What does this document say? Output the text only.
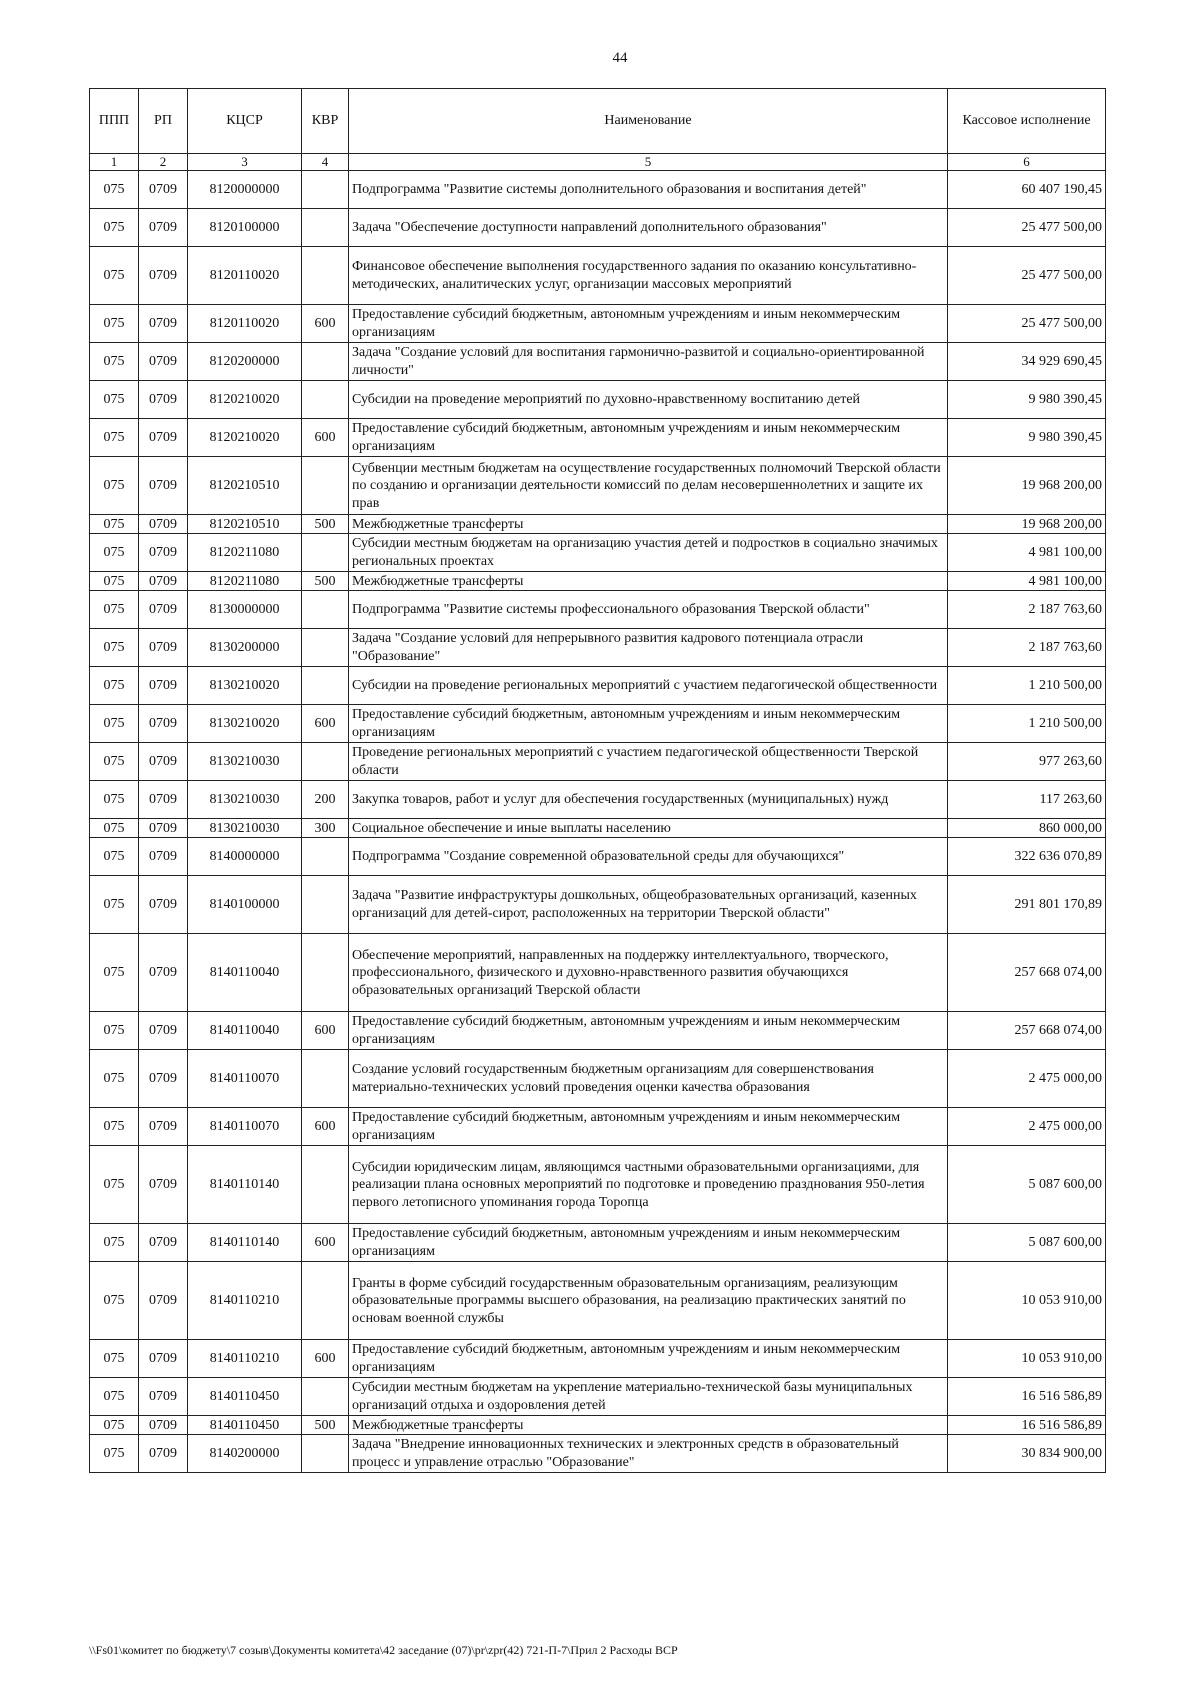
44
ППП	РП	КЦСР	КВР	Наименование	Кассовое исполнение
1	2	3	4	5	6
075	0709	8120000000		Подпрограмма "Развитие системы дополнительного образования и воспитания детей"	60 407 190,45
075	0709	8120100000		Задача "Обеспечение доступности направлений дополнительного образования"	25 477 500,00
075	0709	8120110020		Финансовое обеспечение выполнения государственного задания по оказанию консультативно-методических, аналитических услуг, организации массовых мероприятий	25 477 500,00
075	0709	8120110020	600	Предоставление субсидий бюджетным, автономным учреждениям и иным некоммерческим организациям	25 477 500,00
075	0709	8120200000		Задача "Создание условий для воспитания гармонично-развитой и социально-ориентированной личности"	34 929 690,45
075	0709	8120210020		Субсидии на проведение мероприятий по духовно-нравственному воспитанию детей	9 980 390,45
075	0709	8120210020	600	Предоставление субсидий бюджетным, автономным учреждениям и иным некоммерческим организациям	9 980 390,45
075	0709	8120210510		Субвенции местным бюджетам на осуществление государственных полномочий Тверской области по созданию и организации деятельности комиссий по делам несовершеннолетних и защите их прав	19 968 200,00
075	0709	8120210510	500	Межбюджетные трансферты	19 968 200,00
075	0709	8120211080		Субсидии местным бюджетам на организацию участия детей и подростков в социально значимых региональных проектах	4 981 100,00
075	0709	8120211080	500	Межбюджетные трансферты	4 981 100,00
075	0709	8130000000		Подпрограмма "Развитие системы профессионального образования Тверской области"	2 187 763,60
075	0709	8130200000		Задача "Создание условий для непрерывного развития кадрового потенциала отрасли "Образование"	2 187 763,60
075	0709	8130210020		Субсидии на проведение региональных мероприятий с участием педагогической общественности	1 210 500,00
075	0709	8130210020	600	Предоставление субсидий бюджетным, автономным учреждениям и иным некоммерческим организациям	1 210 500,00
075	0709	8130210030		Проведение региональных мероприятий с участием педагогической общественности Тверской области	977 263,60
075	0709	8130210030	200	Закупка товаров, работ и услуг для обеспечения государственных (муниципальных) нужд	117 263,60
075	0709	8130210030	300	Социальное обеспечение и иные выплаты населению	860 000,00
075	0709	8140000000		Подпрограмма "Создание современной образовательной среды для обучающихся"	322 636 070,89
075	0709	8140100000		Задача "Развитие инфраструктуры дошкольных, общеобразовательных организаций, казенных организаций для детей-сирот, расположенных на территории Тверской области"	291 801 170,89
075	0709	8140110040		Обеспечение мероприятий, направленных на поддержку интеллектуального, творческого, профессионального, физического и духовно-нравственного развития обучающихся образовательных организаций Тверской области	257 668 074,00
075	0709	8140110040	600	Предоставление субсидий бюджетным, автономным учреждениям и иным некоммерческим организациям	257 668 074,00
075	0709	8140110070		Создание условий государственным бюджетным организациям для совершенствования материально-технических условий проведения оценки качества образования	2 475 000,00
075	0709	8140110070	600	Предоставление субсидий бюджетным, автономным учреждениям и иным некоммерческим организациям	2 475 000,00
075	0709	8140110140		Субсидии юридическим лицам, являющимся частными образовательными организациями, для реализации плана основных мероприятий по подготовке и проведению празднования 950-летия первого летописного упоминания города Торопца	5 087 600,00
075	0709	8140110140	600	Предоставление субсидий бюджетным, автономным учреждениям и иным некоммерческим организациям	5 087 600,00
075	0709	8140110210		Гранты в форме субсидий государственным образовательным организациям, реализующим образовательные программы высшего образования, на реализацию практических занятий по основам военной службы	10 053 910,00
075	0709	8140110210	600	Предоставление субсидий бюджетным, автономным учреждениям и иным некоммерческим организациям	10 053 910,00
075	0709	8140110450		Субсидии местным бюджетам на укрепление материально-технической базы муниципальных организаций отдыха и оздоровления детей	16 516 586,89
075	0709	8140110450	500	Межбюджетные трансферты	16 516 586,89
075	0709	8140200000		Задача "Внедрение инновационных технических и электронных средств в образовательный процесс и управление отраслью "Образование"	30 834 900,00
\\Fs01\комитет по бюджету\7 созыв\Документы комитета\42 заседание (07)\pr\zpr(42) 721-П-7\Прил 2 Расходы ВСР
